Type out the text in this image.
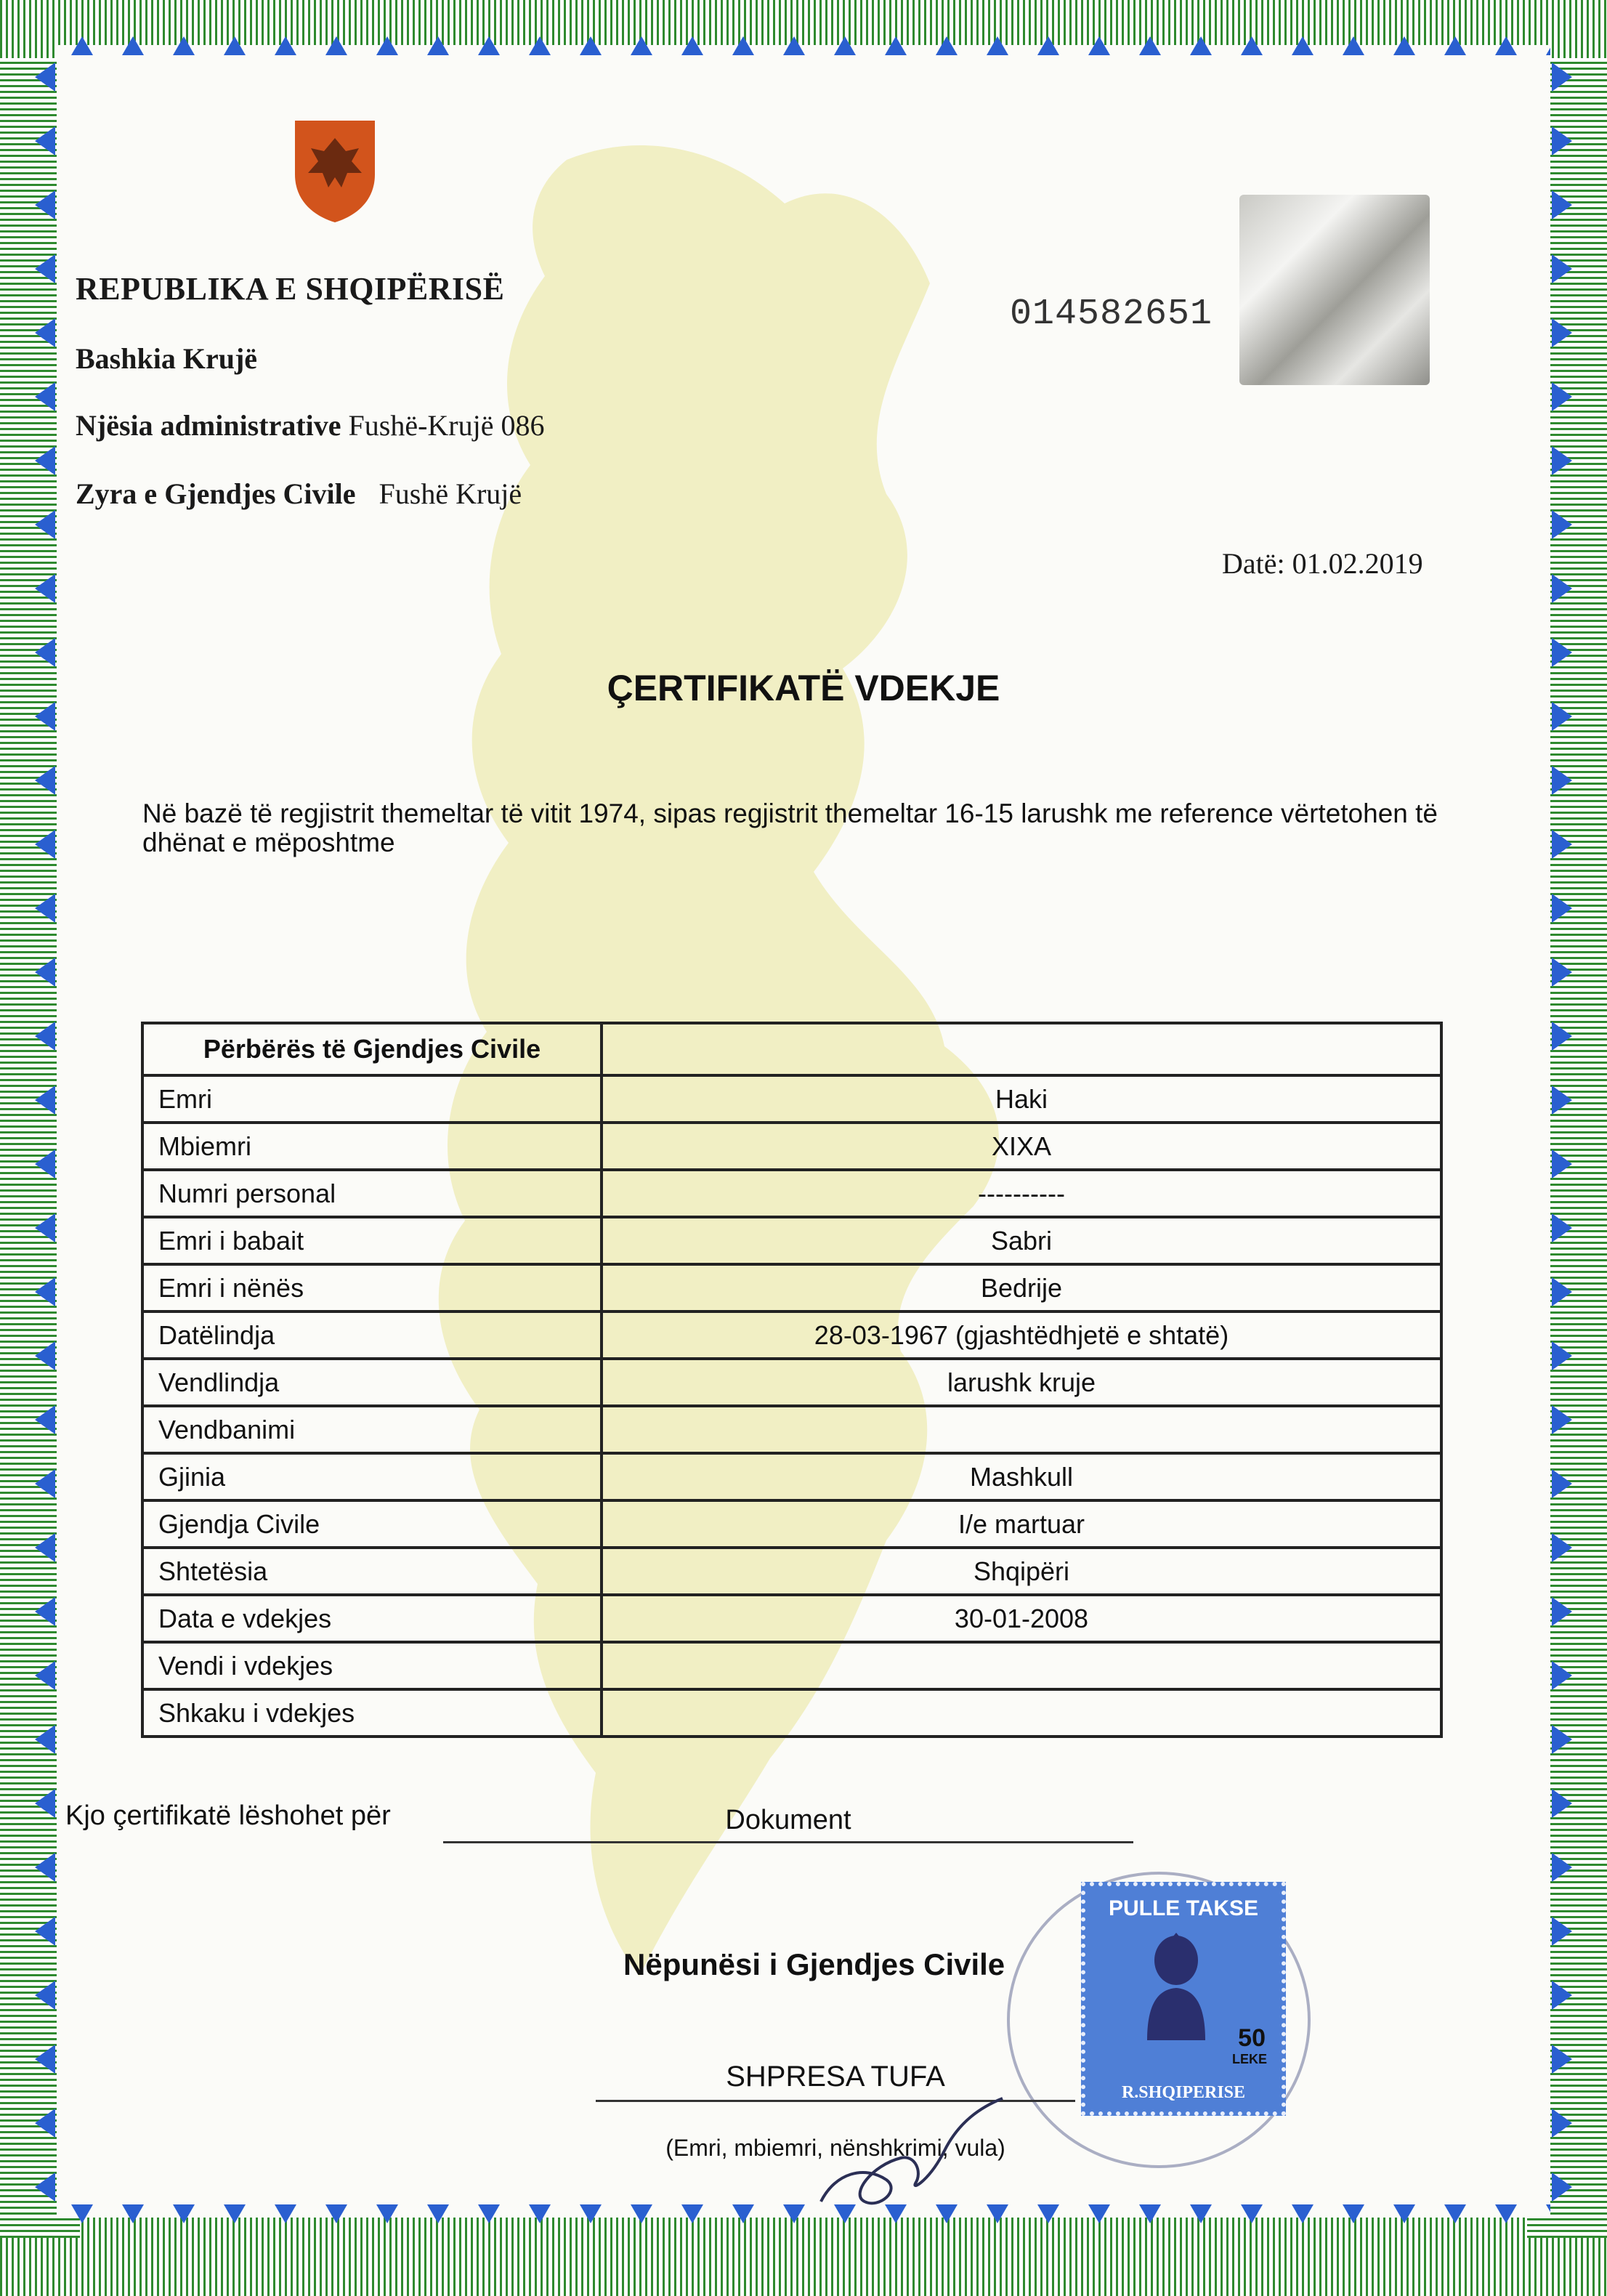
REPUBLIKA E SHQIPËRISË
Bashkia Krujë
Njësia administrative Fushë-Krujë 086
Zyra e Gjendjes Civile Fushë Krujë
014582651
Datë: 01.02.2019
ÇERTIFIKATË VDEKJE
Në bazë të regjistrit themeltar të vitit 1974, sipas regjistrit themeltar 16-15 larushk me reference vërtetohen të dhënat e mëposhtme
Përbërës të Gjendjes Civile	
Emri	Haki
Mbiemri	XIXA
Numri personal	----------
Emri i babait	Sabri
Emri i nënës	Bedrije
Datëlindja	28-03-1967 (gjashtëdhjetë e shtatë)
Vendlindja	larushk kruje
Vendbanimi	
Gjinia	Mashkull
Gjendja Civile	I/e martuar
Shtetësia	Shqipëri
Data e vdekjes	30-01-2008
Vendi i vdekjes	
Shkaku i vdekjes	
Kjo çertifikatë lëshohet për	Dokument
PULLE TAKSE
50
LEKE
R.SHQIPERISE
Nëpunësi i Gjendjes Civile
SHPRESA TUFA
(Emri, mbiemri, nënshkrimi, vula)
